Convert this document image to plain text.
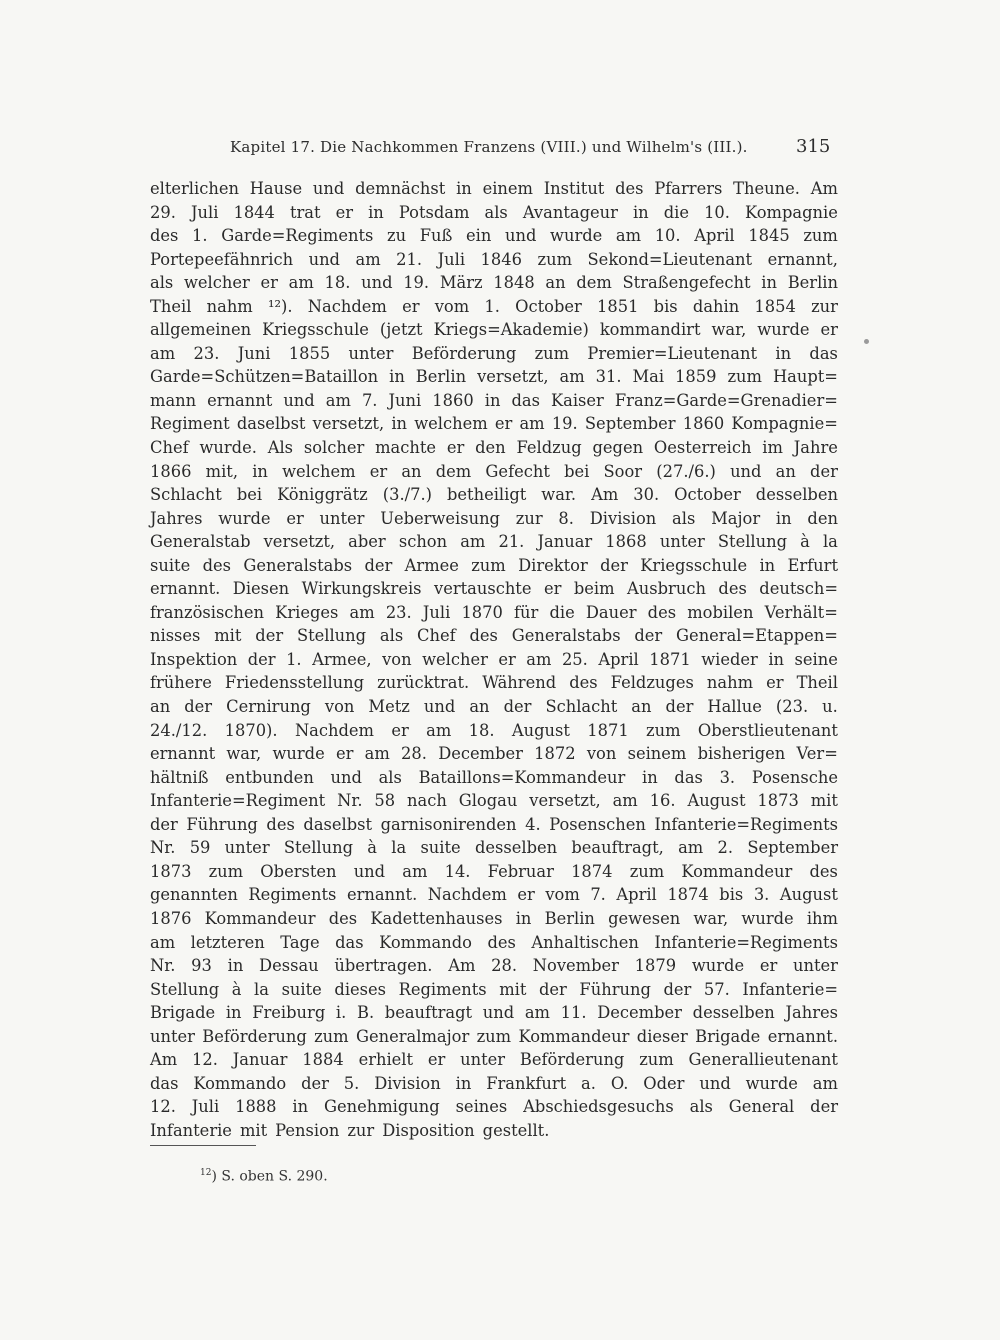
Kapitel 17. Die Nachkommen Franzens (VIII.) und Wilhelm's (III.).	315
elterlichen Hause und demnächst in einem Institut des Pfarrers Theune. Am
29. Juli 1844 trat er in Potsdam als Avantageur in die 10. Kompagnie
des 1. Garde=Regiments zu Fuß ein und wurde am 10. April 1845 zum
Portepeefähnrich und am 21. Juli 1846 zum Sekond=Lieutenant ernannt,
als welcher er am 18. und 19. März 1848 an dem Straßengefecht in Berlin
Theil nahm ¹²). Nachdem er vom 1. October 1851 bis dahin 1854 zur
allgemeinen Kriegsschule (jetzt Kriegs=Akademie) kommandirt war, wurde er
am 23. Juni 1855 unter Beförderung zum Premier=Lieutenant in das
Garde=Schützen=Bataillon in Berlin versetzt, am 31. Mai 1859 zum Haupt=
mann ernannt und am 7. Juni 1860 in das Kaiser Franz=Garde=Grenadier=
Regiment daselbst versetzt, in welchem er am 19. September 1860 Kompagnie=
Chef wurde. Als solcher machte er den Feldzug gegen Oesterreich im Jahre
1866 mit, in welchem er an dem Gefecht bei Soor (27./6.) und an der
Schlacht bei Königgrätz (3./7.) betheiligt war. Am 30. October desselben
Jahres wurde er unter Ueberweisung zur 8. Division als Major in den
Generalstab versetzt, aber schon am 21. Januar 1868 unter Stellung à la
suite des Generalstabs der Armee zum Direktor der Kriegsschule in Erfurt
ernannt. Diesen Wirkungskreis vertauschte er beim Ausbruch des deutsch=
französischen Krieges am 23. Juli 1870 für die Dauer des mobilen Verhält=
nisses mit der Stellung als Chef des Generalstabs der General=Etappen=
Inspektion der 1. Armee, von welcher er am 25. April 1871 wieder in seine
frühere Friedensstellung zurücktrat. Während des Feldzuges nahm er Theil
an der Cernirung von Metz und an der Schlacht an der Hallue (23. u.
24./12. 1870). Nachdem er am 18. August 1871 zum Oberstlieutenant
ernannt war, wurde er am 28. December 1872 von seinem bisherigen Ver=
hältniß entbunden und als Bataillons=Kommandeur in das 3. Posensche
Infanterie=Regiment Nr. 58 nach Glogau versetzt, am 16. August 1873 mit
der Führung des daselbst garnisonirenden 4. Posenschen Infanterie=Regiments
Nr. 59 unter Stellung à la suite desselben beauftragt, am 2. September
1873 zum Obersten und am 14. Februar 1874 zum Kommandeur des
genannten Regiments ernannt. Nachdem er vom 7. April 1874 bis 3. August
1876 Kommandeur des Kadettenhauses in Berlin gewesen war, wurde ihm
am letzteren Tage das Kommando des Anhaltischen Infanterie=Regiments
Nr. 93 in Dessau übertragen. Am 28. November 1879 wurde er unter
Stellung à la suite dieses Regiments mit der Führung der 57. Infanterie=
Brigade in Freiburg i. B. beauftragt und am 11. December desselben Jahres
unter Beförderung zum Generalmajor zum Kommandeur dieser Brigade ernannt.
Am 12. Januar 1884 erhielt er unter Beförderung zum Generallieutenant
das Kommando der 5. Division in Frankfurt a. O. Oder und wurde am
12. Juli 1888 in Genehmigung seines Abschiedsgesuchs als General der
Infanterie mit Pension zur Disposition gestellt.
$^{12}$) S. oben S. 290.
